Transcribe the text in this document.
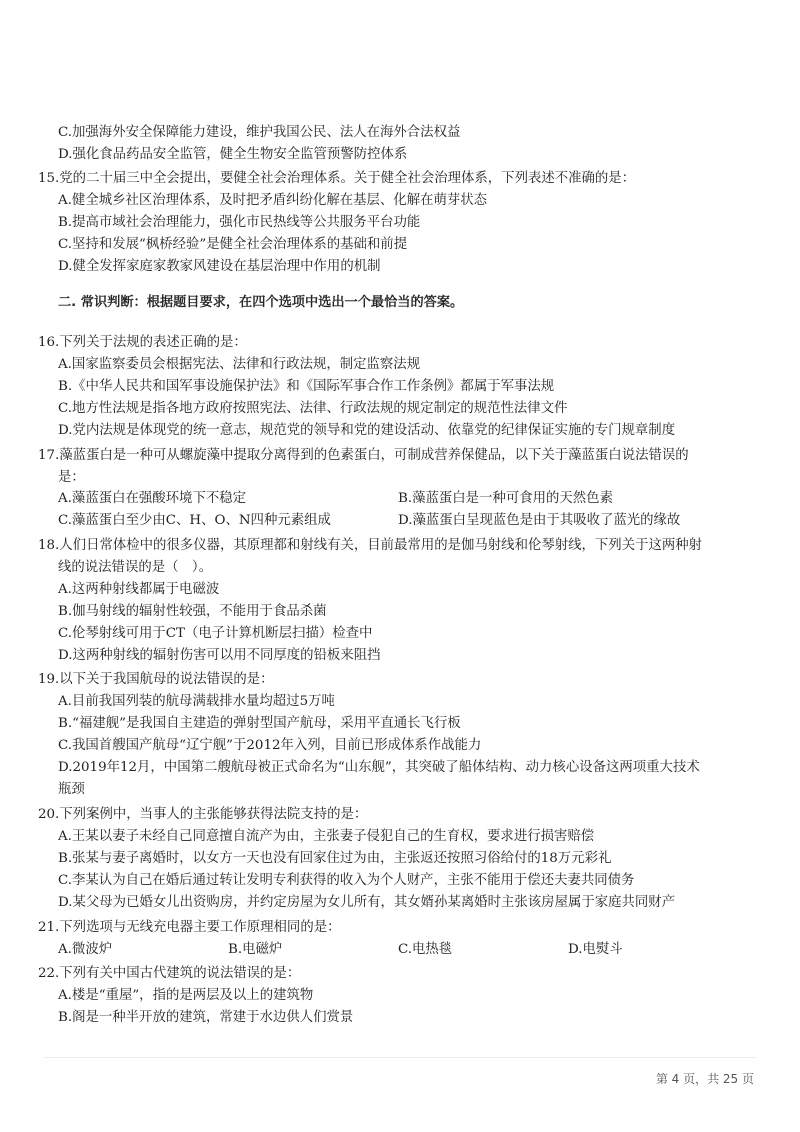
C.加强海外安全保障能力建设，维护我国公民、法人在海外合法权益
D.强化食品药品安全监管，健全生物安全监管预警防控体系
15.党的二十届三中全会提出，要健全社会治理体系。关于健全社会治理体系，下列表述不准确的是：
A.健全城乡社区治理体系，及时把矛盾纠纷化解在基层、化解在萌芽状态
B.提高市域社会治理能力，强化市民热线等公共服务平台功能
C.坚持和发展“枫桥经验”是健全社会治理体系的基础和前提
D.健全发挥家庭家教家风建设在基层治理中作用的机制
二. 常识判断：根据题目要求，在四个选项中选出一个最恰当的答案。
16.下列关于法规的表述正确的是：
A.国家监察委员会根据宪法、法律和行政法规，制定监察法规
B.《中华人民共和国军事设施保护法》和《国际军事合作工作条例》都属于军事法规
C.地方性法规是指各地方政府按照宪法、法律、行政法规的规定制定的规范性法律文件
D.党内法规是体现党的统一意志，规范党的领导和党的建设活动、依靠党的纪律保证实施的专门规章制度
17.藻蓝蛋白是一种可从螺旋藻中提取分离得到的色素蛋白，可制成营养保健品，以下关于藻蓝蛋白说法错误的
是：
A.藻蓝蛋白在强酸环境下不稳定	B.藻蓝蛋白是一种可食用的天然色素
C.藻蓝蛋白至少由C、H、O、N四种元素组成	D.藻蓝蛋白呈现蓝色是由于其吸收了蓝光的缘故
18.人们日常体检中的很多仪器，其原理都和射线有关，目前最常用的是伽马射线和伦琴射线，下列关于这两种射
线的说法错误的是（　）。
A.这两种射线都属于电磁波
B.伽马射线的辐射性较强，不能用于食品杀菌
C.伦琴射线可用于CT（电子计算机断层扫描）检查中
D.这两种射线的辐射伤害可以用不同厚度的铅板来阻挡
19.以下关于我国航母的说法错误的是：
A.目前我国列装的航母满载排水量均超过5万吨
B.“福建舰”是我国自主建造的弹射型国产航母，采用平直通长飞行板
C.我国首艘国产航母“辽宁舰”于2012年入列，目前已形成体系作战能力
D.2019年12月，中国第二艘航母被正式命名为“山东舰”，其突破了船体结构、动力核心设备这两项重大技术
瓶颈
20.下列案例中，当事人的主张能够获得法院支持的是：
A.王某以妻子未经自己同意擅自流产为由，主张妻子侵犯自己的生育权，要求进行损害赔偿
B.张某与妻子离婚时，以女方一天也没有回家住过为由，主张返还按照习俗给付的18万元彩礼
C.李某认为自己在婚后通过转让发明专利获得的收入为个人财产，主张不能用于偿还夫妻共同债务
D.某父母为已婚女儿出资购房，并约定房屋为女儿所有，其女婿孙某离婚时主张该房屋属于家庭共同财产
21.下列选项与无线充电器主要工作原理相同的是：
A.微波炉	B.电磁炉	C.电热毯	D.电熨斗
22.下列有关中国古代建筑的说法错误的是：
A.楼是“重屋”，指的是两层及以上的建筑物
B.阁是一种半开放的建筑，常建于水边供人们赏景
第 4 页，共 25 页
